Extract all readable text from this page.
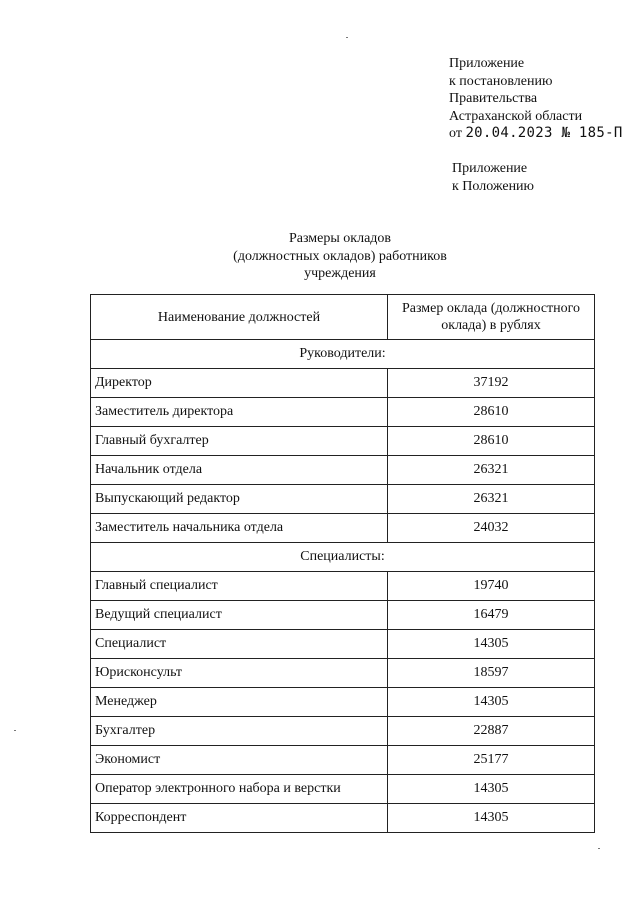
Приложение
к постановлению
Правительства
Астраханской области
от 20.04.2023 № 185-П
Приложение
к Положению
Размеры окладов
(должностных окладов) работников
учреждения
Наименование должностей	Размер оклада (должностного оклада) в рублях
Руководители:	
Директор	37192
Заместитель директора	28610
Главный бухгалтер	28610
Начальник отдела	26321
Выпускающий редактор	26321
Заместитель начальника отдела	24032
Специалисты:	
Главный специалист	19740
Ведущий специалист	16479
Специалист	14305
Юрисконсульт	18597
Менеджер	14305
Бухгалтер	22887
Экономист	25177
Оператор электронного набора и верстки	14305
Корреспондент	14305
